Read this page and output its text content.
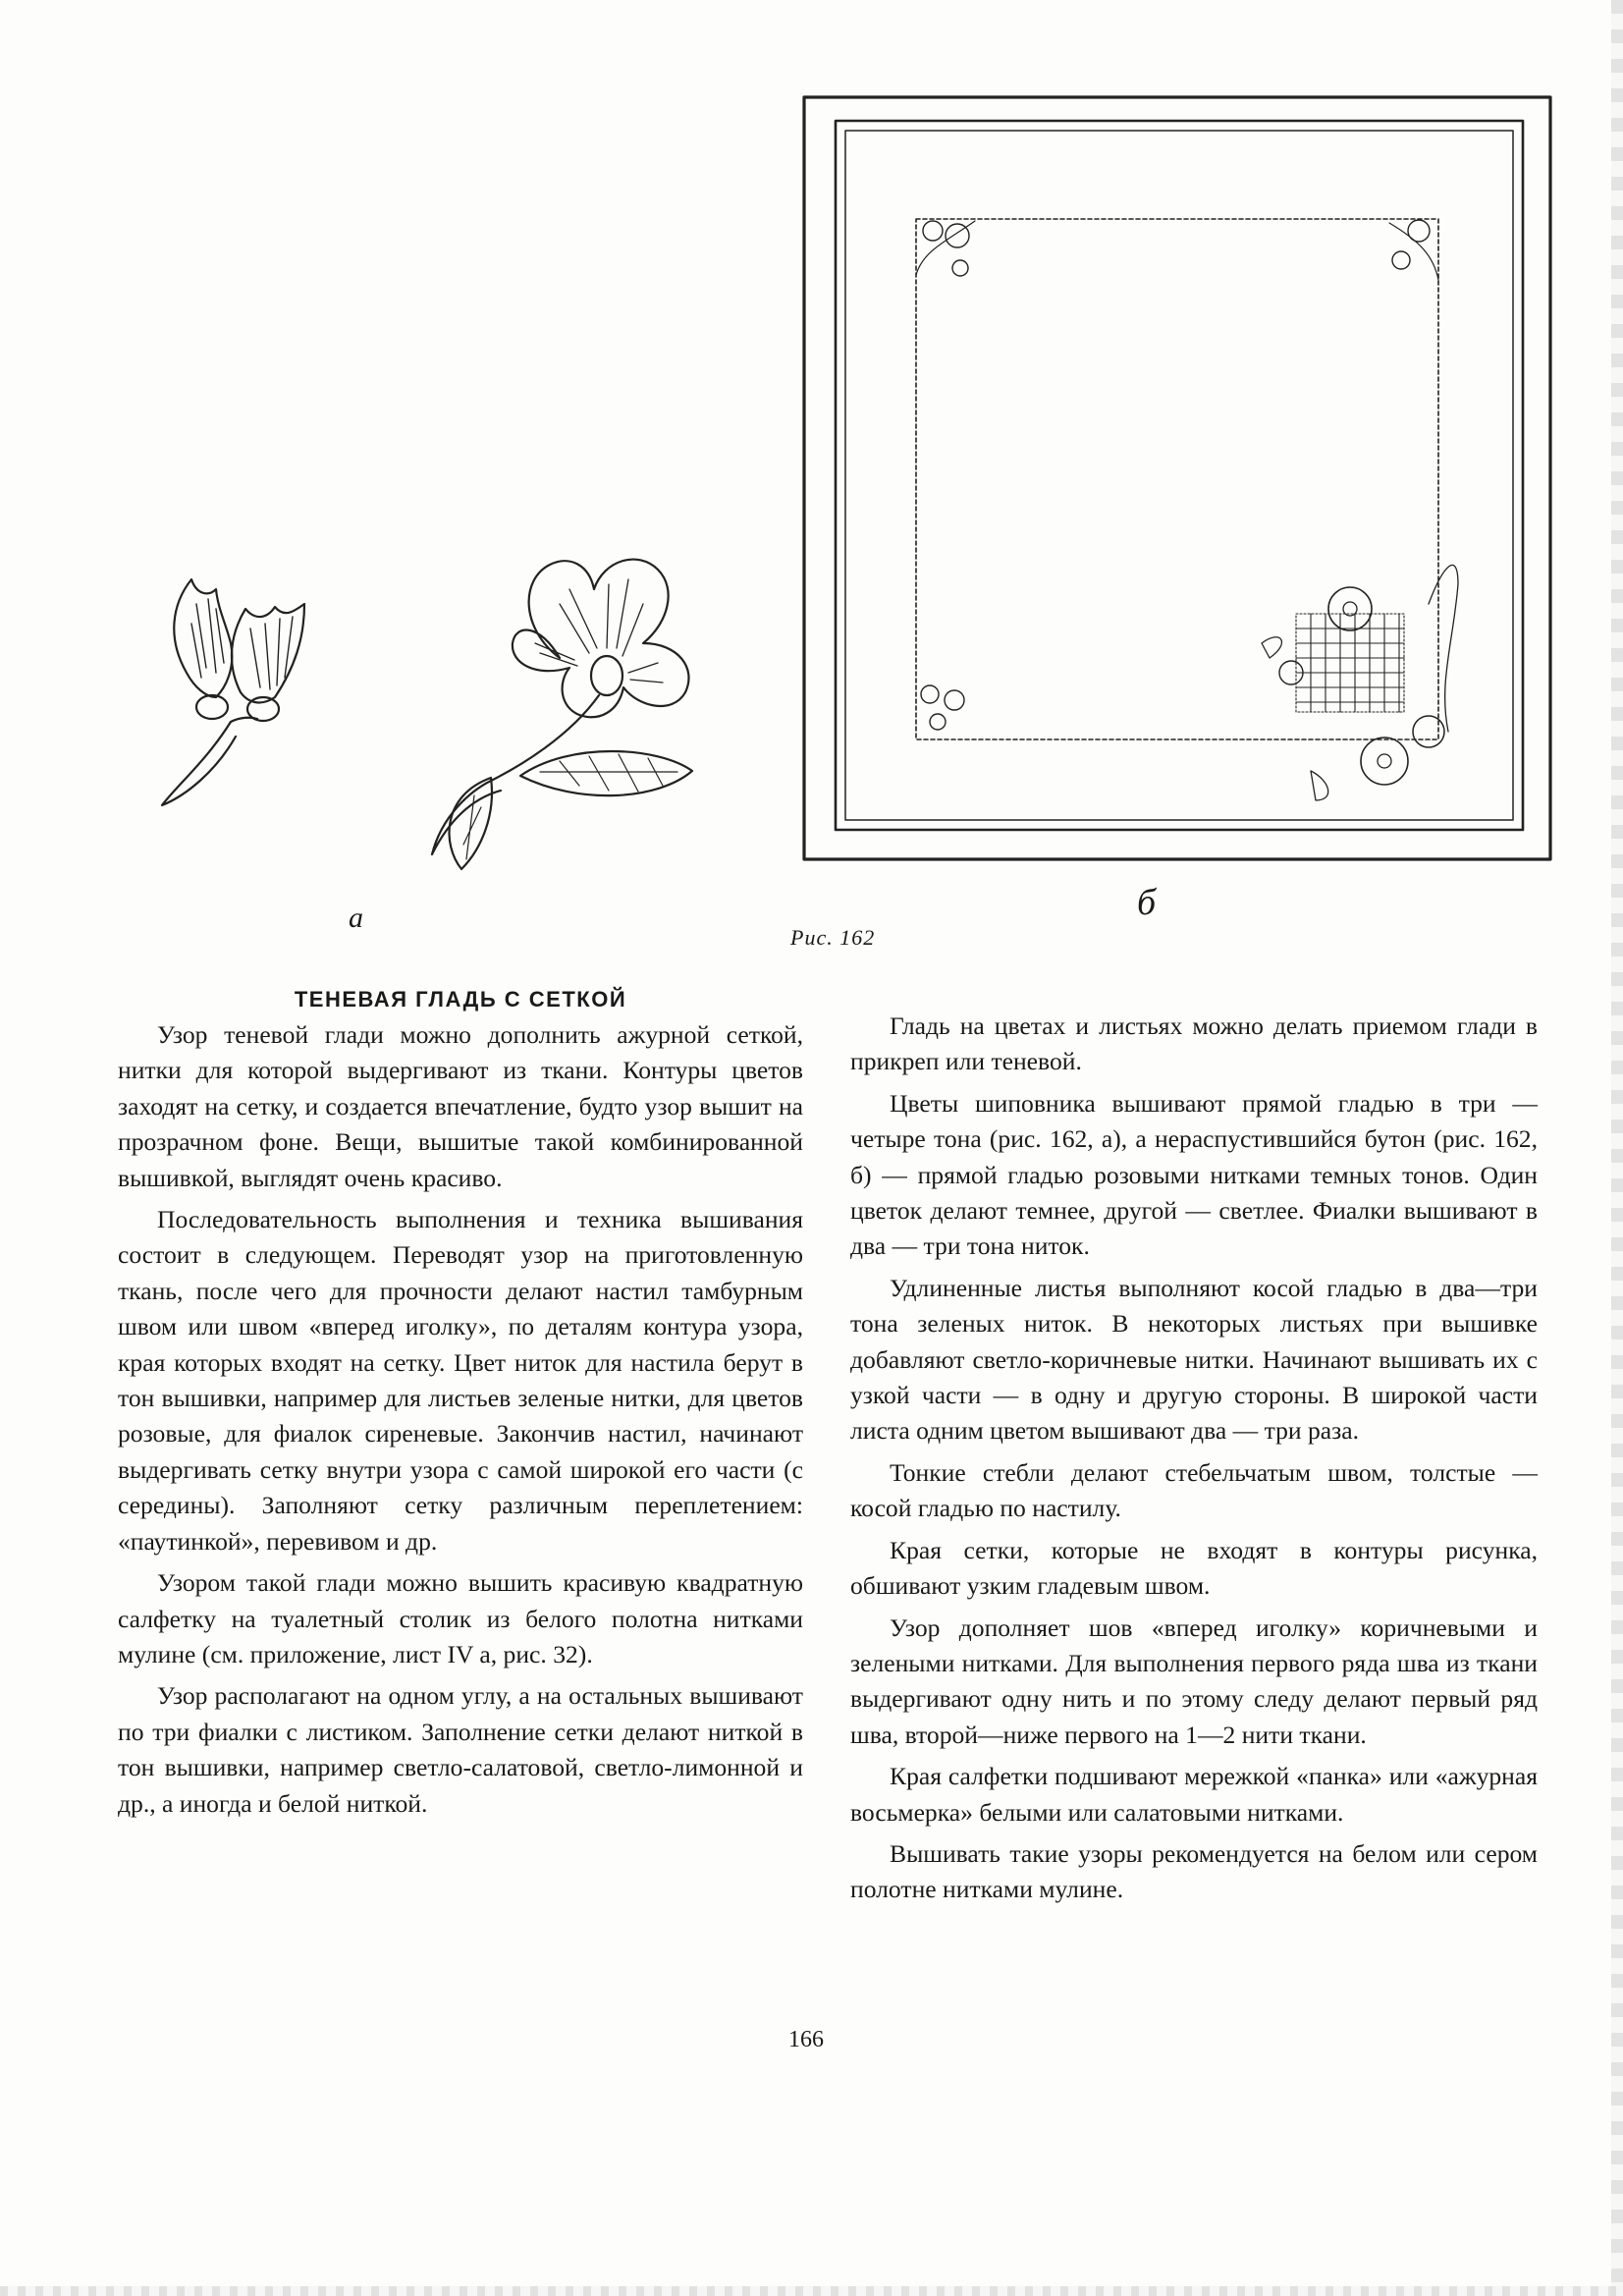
а	б
Рис. 162
ТЕНЕВАЯ ГЛАДЬ С СЕТКОЙ

Узор теневой глади можно дополнить ажурной сеткой, нитки для которой выдергивают из ткани. Контуры цветов заходят на сетку, и создается впечатление, будто узор вышит на прозрачном фоне. Вещи, вышитые такой комбинированной вышивкой, выглядят очень красиво.

Последовательность выполнения и техника вышивания состоит в следующем. Переводят узор на приготовленную ткань, после чего для прочности делают настил тамбурным швом или швом «вперед иголку», по деталям контура узора, края которых входят на сетку. Цвет ниток для настила берут в тон вышивки, например для листьев зеленые нитки, для цветов розовые, для фиалок сиреневые. Закончив настил, начинают выдергивать сетку внутри узора с самой широкой его части (с середины). Заполняют сетку различным переплетением: «паутинкой», перевивом и др.

Узором такой глади можно вышить красивую квадратную салфетку на туалетный столик из белого полотна нитками мулине (см. приложение, лист IV а, рис. 32).

Узор располагают на одном углу, а на остальных вышивают по три фиалки с листиком. Заполнение сетки делают ниткой в тон вышивки, например светло-салатовой, светло-лимонной и др., а иногда и белой ниткой.

Гладь на цветах и листьях можно делать приемом глади в прикреп или теневой.

Цветы шиповника вышивают прямой гладью в три — четыре тона (рис. 162, а), а нераспустившийся бутон (рис. 162, б) — прямой гладью розовыми нитками темных тонов. Один цветок делают темнее, другой — светлее. Фиалки вышивают в два — три тона ниток.

Удлиненные листья выполняют косой гладью в два—три тона зеленых ниток. В некоторых листьях при вышивке добавляют светло-коричневые нитки. Начинают вышивать их с узкой части — в одну и другую стороны. В широкой части листа одним цветом вышивают два — три раза.

Тонкие стебли делают стебельчатым швом, толстые — косой гладью по настилу.

Края сетки, которые не входят в контуры рисунка, обшивают узким гладевым швом.

Узор дополняет шов «вперед иголку» коричневыми и зелеными нитками. Для выполнения первого ряда шва из ткани выдергивают одну нить и по этому следу делают первый ряд шва, второй—ниже первого на 1—2 нити ткани.

Края салфетки подшивают мережкой «панка» или «ажурная восьмерка» белыми или салатовыми нитками.

Вышивать такие узоры рекомендуется на белом или сером полотне нитками мулине.

166
